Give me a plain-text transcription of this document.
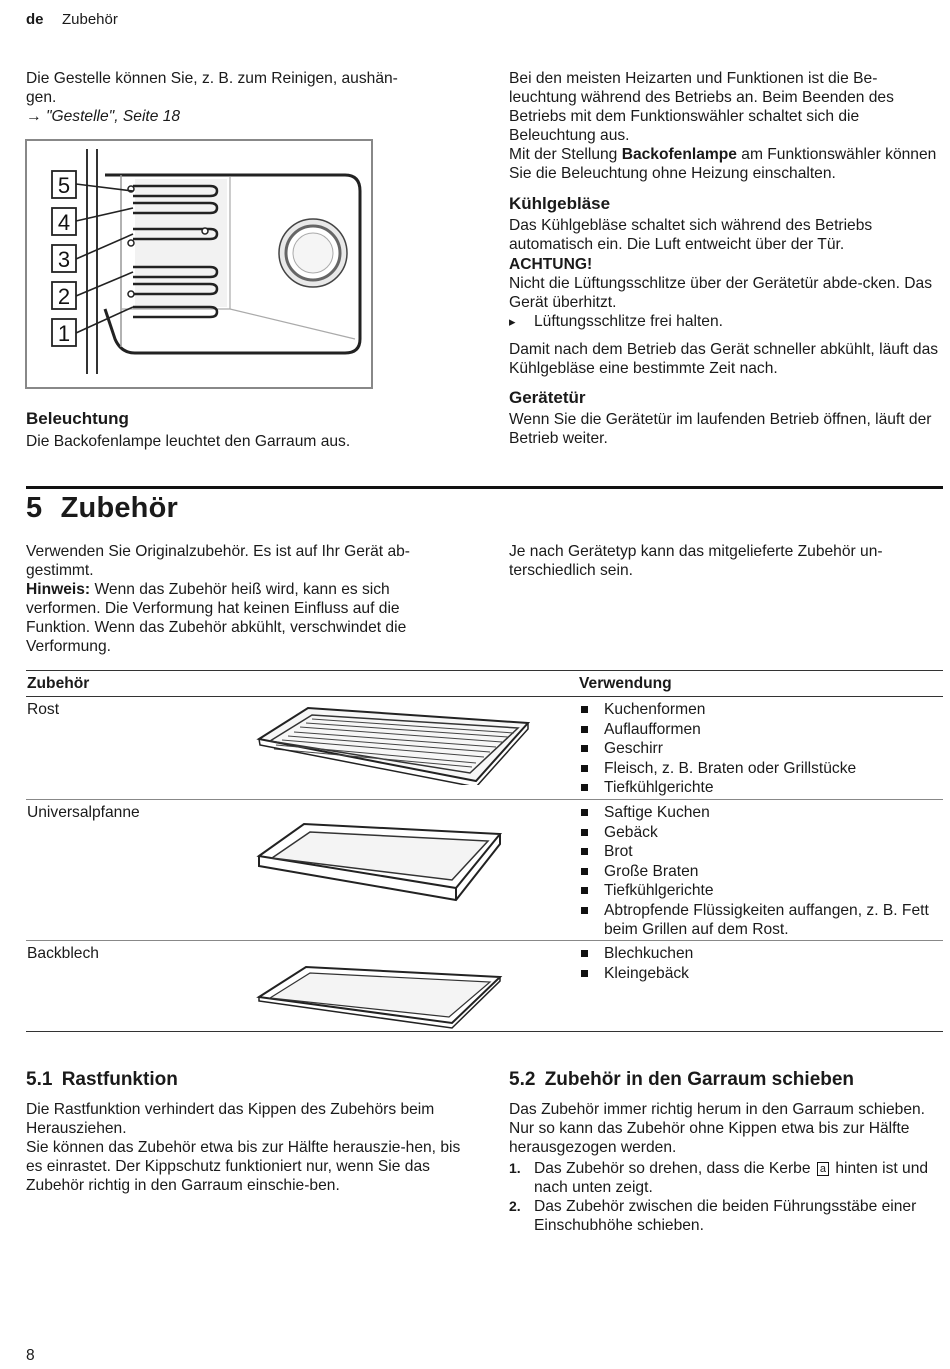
de Zubehör

Die Gestelle können Sie, z. B. zum Reinigen, aushän-

gen.

→ "Gestelle", Seite 18

5
4
3
2
1
Beleuchtung

Die Backofenlampe leuchtet den Garraum aus.

Bei den meisten Heizarten und Funktionen ist die Be-leuchtung während des Betriebs an. Beim Beenden des Betriebs mit dem Funktionswähler schaltet sich die Beleuchtung aus.

Mit der Stellung Backofenlampe am Funktionswähler können Sie die Beleuchtung ohne Heizung einschalten.

Kühlgebläse

Das Kühlgebläse schaltet sich während des Betriebs automatisch ein. Die Luft entweicht über der Tür.

ACHTUNG!

Nicht die Lüftungsschlitze über der Gerätetür abde-cken. Das Gerät überhitzt.

▸ Lüftungsschlitze frei halten.

Damit nach dem Betrieb das Gerät schneller abkühlt, läuft das Kühlgebläse eine bestimmte Zeit nach.

Gerätetür

Wenn Sie die Gerätetür im laufenden Betrieb öffnen, läuft der Betrieb weiter.

5 Zubehör

Verwenden Sie Originalzubehör. Es ist auf Ihr Gerät ab-gestimmt.

Hinweis: Wenn das Zubehör heiß wird, kann es sich verformen. Die Verformung hat keinen Einfluss auf die Funktion. Wenn das Zubehör abkühlt, verschwindet die Verformung.

Je nach Gerätetyp kann das mitgelieferte Zubehör un-terschiedlich sein.

Zubehör	Verwendung
Rost	Kuchenformen
Auflaufformen
Geschirr
Fleisch, z. B. Braten oder Grillstücke
Tiefkühlgerichte
Universalpfanne	Saftige Kuchen
Gebäck
Brot
Große Braten
Tiefkühlgerichte
Abtropfende Flüssigkeiten auffangen, z. B. Fett beim Grillen auf dem Rost.
Backblech	Blechkuchen
Kleingebäck
5.1 Rastfunktion

Die Rastfunktion verhindert das Kippen des Zubehörs beim Herausziehen.

Sie können das Zubehör etwa bis zur Hälfte herauszie-hen, bis es einrastet. Der Kippschutz funktioniert nur, wenn Sie das Zubehör richtig in den Garraum einschie-ben.

5.2 Zubehör in den Garraum schieben

Das Zubehör immer richtig herum in den Garraum schieben. Nur so kann das Zubehör ohne Kippen etwa bis zur Hälfte herausgezogen werden.

1. Das Zubehör so drehen, dass die Kerbe a hinten ist und nach unten zeigt.
2. Das Zubehör zwischen die beiden Führungsstäbe einer Einschubhöhe schieben.
8
